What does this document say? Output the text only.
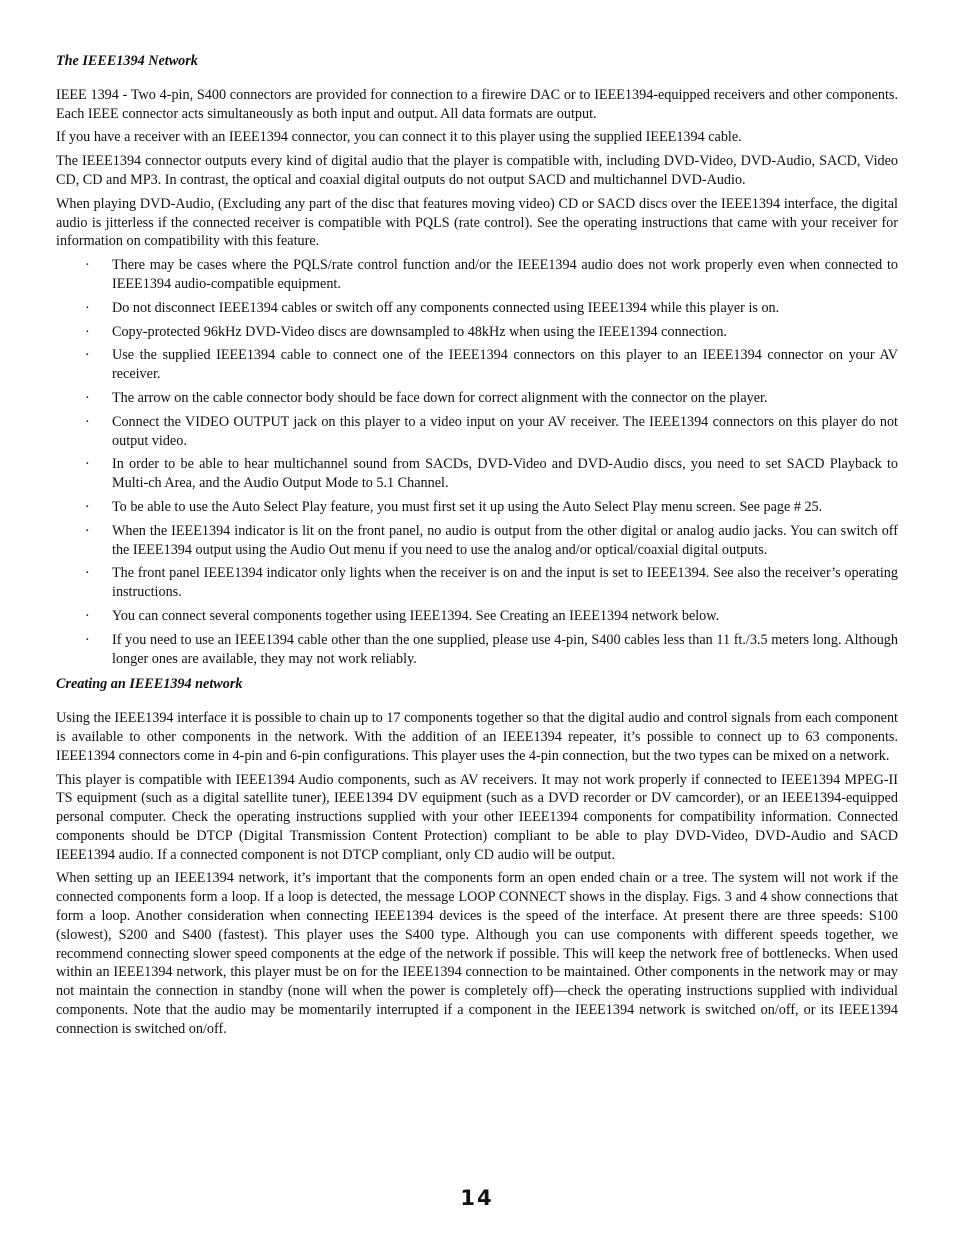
The IEEE1394 Network

IEEE 1394 - Two 4-pin, S400 connectors are provided for connection to a firewire DAC or to IEEE1394-equipped receivers and other components. Each IEEE connector acts simultaneously as both input and output. All data formats are output.

If you have a receiver with an IEEE1394 connector, you can connect it to this player using the supplied IEEE1394 cable.

The IEEE1394 connector outputs every kind of digital audio that the player is compatible with, including DVD-Video, DVD-Audio, SACD, Video CD, CD and MP3. In contrast, the optical and coaxial digital outputs do not output SACD and multichannel DVD-Audio.

When playing DVD-Audio, (Excluding any part of the disc that features moving video) CD or SACD discs over the IEEE1394 interface, the digital audio is jitterless if the connected receiver is compatible with PQLS (rate control). See the operating instructions that came with your receiver for information on compatibility with this feature.

· There may be cases where the PQLS/rate control function and/or the IEEE1394 audio does not work properly even when connected to IEEE1394 audio-compatible equipment.
· Do not disconnect IEEE1394 cables or switch off any components connected using IEEE1394 while this player is on.
· Copy-protected 96kHz DVD-Video discs are downsampled to 48kHz when using the IEEE1394 connection.
· Use the supplied IEEE1394 cable to connect one of the IEEE1394 connectors on this player to an IEEE1394 connector on your AV receiver.
· The arrow on the cable connector body should be face down for correct alignment with the connector on the player.
· Connect the VIDEO OUTPUT jack on this player to a video input on your AV receiver. The IEEE1394 connectors on this player do not output video.
· In order to be able to hear multichannel sound from SACDs, DVD-Video and DVD-Audio discs, you need to set SACD Playback to Multi-ch Area, and the Audio Output Mode to 5.1 Channel.
· To be able to use the Auto Select Play feature, you must first set it up using the Auto Select Play menu screen. See page # 25.
· When the IEEE1394 indicator is lit on the front panel, no audio is output from the other digital or analog audio jacks. You can switch off the IEEE1394 output using the Audio Out menu if you need to use the analog and/or optical/coaxial digital outputs.
· The front panel IEEE1394 indicator only lights when the receiver is on and the input is set to IEEE1394. See also the receiver’s operating instructions.
· You can connect several components together using IEEE1394. See Creating an IEEE1394 network below.
· If you need to use an IEEE1394 cable other than the one supplied, please use 4-pin, S400 cables less than 11 ft./3.5 meters long. Although longer ones are available, they may not work reliably.
Creating an IEEE1394 network

Using the IEEE1394 interface it is possible to chain up to 17 components together so that the digital audio and control signals from each component is available to other components in the network. With the addition of an IEEE1394 repeater, it’s possible to connect up to 63 components. IEEE1394 connectors come in 4-pin and 6-pin configurations. This player uses the 4-pin connection, but the two types can be mixed on a network.

This player is compatible with IEEE1394 Audio components, such as AV receivers. It may not work properly if connected to IEEE1394 MPEG-II TS equipment (such as a digital satellite tuner), IEEE1394 DV equipment (such as a DVD recorder or DV camcorder), or an IEEE1394-equipped personal computer. Check the operating instructions supplied with your other IEEE1394 components for compatibility information. Connected components should be DTCP (Digital Transmission Content Protection) compliant to be able to play DVD-Video, DVD-Audio and SACD IEEE1394 audio. If a connected component is not DTCP compliant, only CD audio will be output.

When setting up an IEEE1394 network, it’s important that the components form an open ended chain or a tree. The system will not work if the connected components form a loop. If a loop is detected, the message LOOP CONNECT shows in the display. Figs. 3 and 4 show connections that form a loop. Another consideration when connecting IEEE1394 devices is the speed of the interface. At present there are three speeds: S100 (slowest), S200 and S400 (fastest). This player uses the S400 type. Although you can use components with different speeds together, we recommend connecting slower speed components at the edge of the network if possible. This will keep the network free of bottlenecks. When used within an IEEE1394 network, this player must be on for the IEEE1394 connection to be maintained. Other components in the network may or may not maintain the connection in standby (none will when the power is completely off)—check the operating instructions supplied with individual components. Note that the audio may be momentarily interrupted if a component in the IEEE1394 network is switched on/off, or its IEEE1394 connection is switched on/off.

14
